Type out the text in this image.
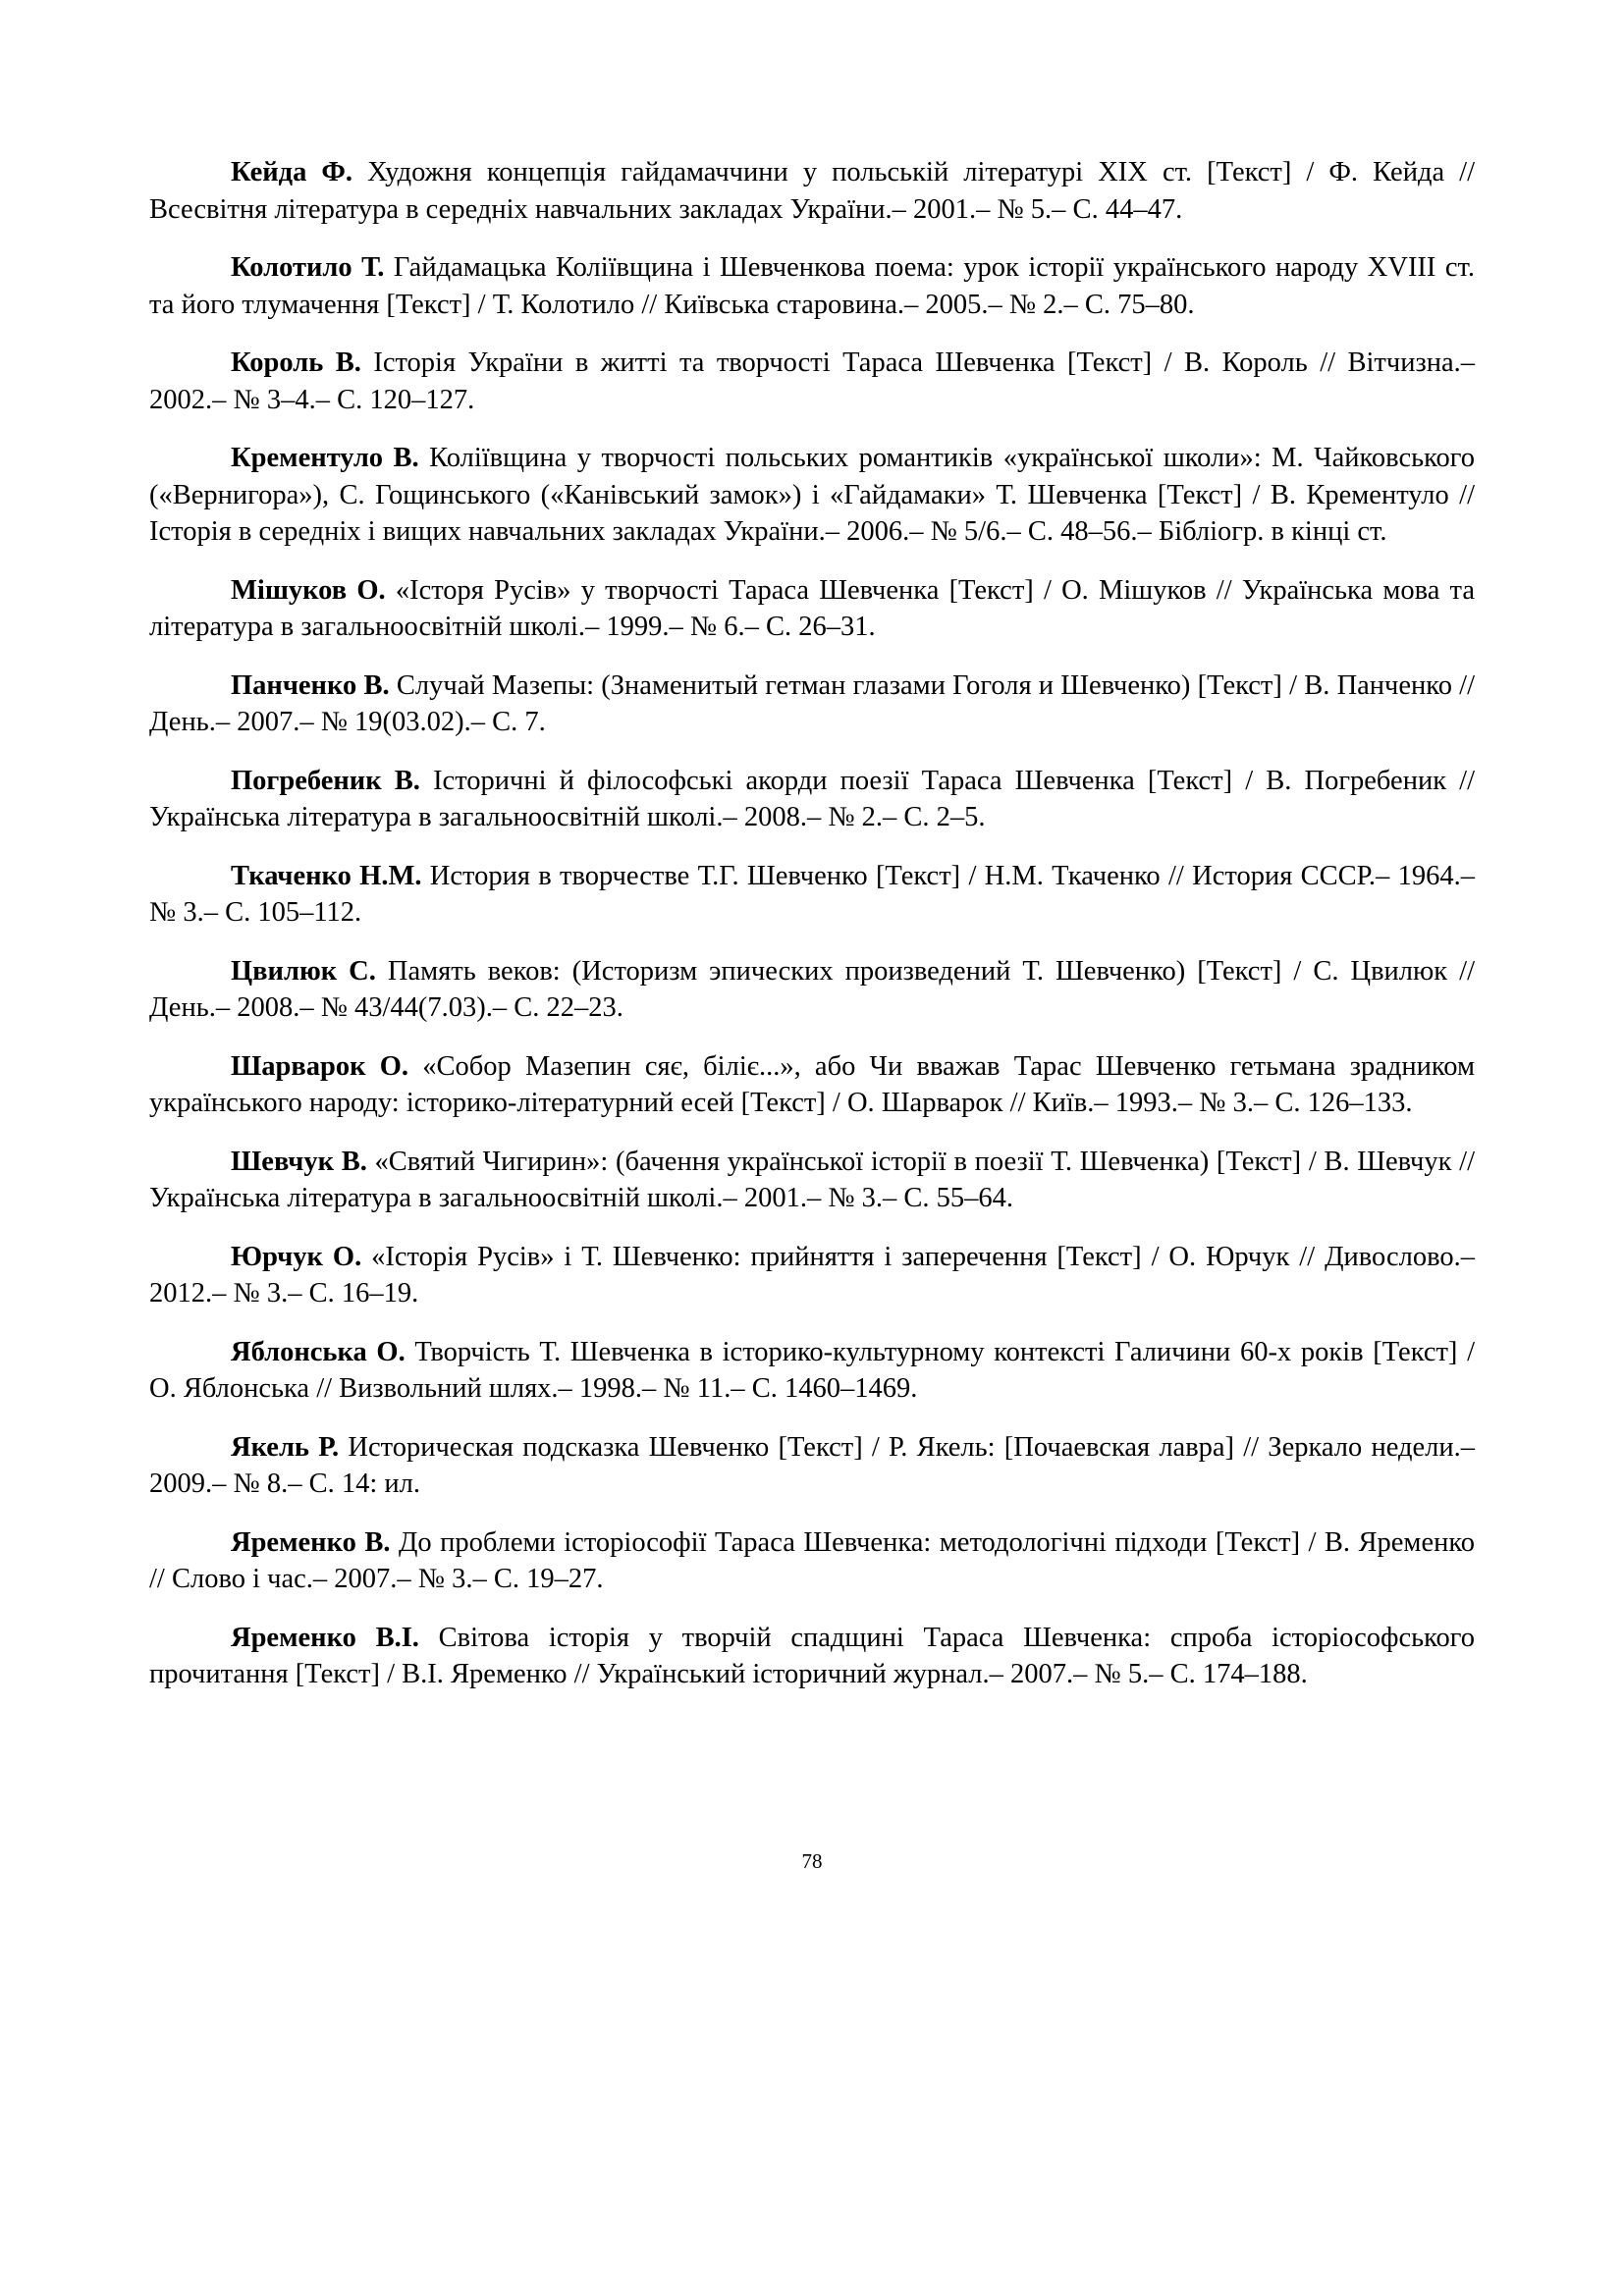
Кейда Ф. Художня концепція гайдамаччини у польській літературі XIX ст. [Текст] / Ф. Кейда // Всесвітня література в середніх навчальних закладах України.– 2001.– № 5.– С. 44–47.

Колотило Т. Гайдамацька Коліївщина і Шевченкова поема: урок історії українського народу XVIII ст. та його тлумачення [Текст] / Т. Колотило // Київська старовина.– 2005.– № 2.– С. 75–80.

Король В. Історія України в житті та творчості Тараса Шевченка [Текст] / В. Король // Вітчизна.– 2002.– № 3–4.– С. 120–127.

Крементуло В. Коліївщина у творчості польських романтиків «української школи»: М. Чайковського («Вернигора»), С. Гощинського («Канівський замок») і «Гайдамаки» Т. Шевченка [Текст] / В. Крементуло // Історія в середніх і вищих навчальних закладах України.– 2006.– № 5/6.– С. 48–56.– Бібліогр. в кінці ст.

Мішуков О. «Історя Русів» у творчості Тараса Шевченка [Текст] / О. Мішуков // Українська мова та література в загальноосвітній школі.– 1999.– № 6.– С. 26–31.

Панченко В. Случай Мазепы: (Знаменитый гетман глазами Гоголя и Шевченко) [Текст] / В. Панченко // День.– 2007.– № 19(03.02).– С. 7.

Погребеник В. Історичні й філософські акорди поезії Тараса Шевченка [Текст] / В. Погребеник // Українська література в загальноосвітній школі.– 2008.– № 2.– С. 2–5.

Ткаченко Н.М. История в творчестве Т.Г. Шевченко [Текст] / Н.М. Ткаченко // История СССР.– 1964.– № 3.– С. 105–112.

Цвилюк С. Память веков: (Историзм эпических произведений Т. Шевченко) [Текст] / С. Цвилюк // День.– 2008.– № 43/44(7.03).– С. 22–23.

Шарварок О. «Собор Мазепин сяє, біліє...», або Чи вважав Тарас Шевченко гетьмана зрадником українського народу: історико-літературний есей [Текст] / О. Шарварок // Київ.– 1993.– № 3.– С. 126–133.

Шевчук В. «Святий Чигирин»: (бачення української історії в поезії Т. Шевченка) [Текст] / В. Шевчук // Українська література в загальноосвітній школі.– 2001.– № 3.– С. 55–64.

Юрчук О. «Історія Русів» і Т. Шевченко: прийняття і заперечення [Текст] / О. Юрчук // Дивослово.– 2012.– № 3.– С. 16–19.

Яблонська О. Творчість Т. Шевченка в історико-культурному контексті Галичини 60-х років [Текст] / О. Яблонська // Визвольний шлях.– 1998.– № 11.– С. 1460–1469.

Якель Р. Историческая подсказка Шевченко [Текст] / Р. Якель: [Почаевская лавра] // Зеркало недели.– 2009.– № 8.– С. 14: ил.

Яременко В. До проблеми історіософії Тараса Шевченка: методологічні підходи [Текст] / В. Яременко // Слово і час.– 2007.– № 3.– С. 19–27.

Яременко В.І. Світова історія у творчій спадщині Тараса Шевченка: спроба історіософського прочитання [Текст] / В.І. Яременко // Український історичний журнал.– 2007.– № 5.– С. 174–188.

78
